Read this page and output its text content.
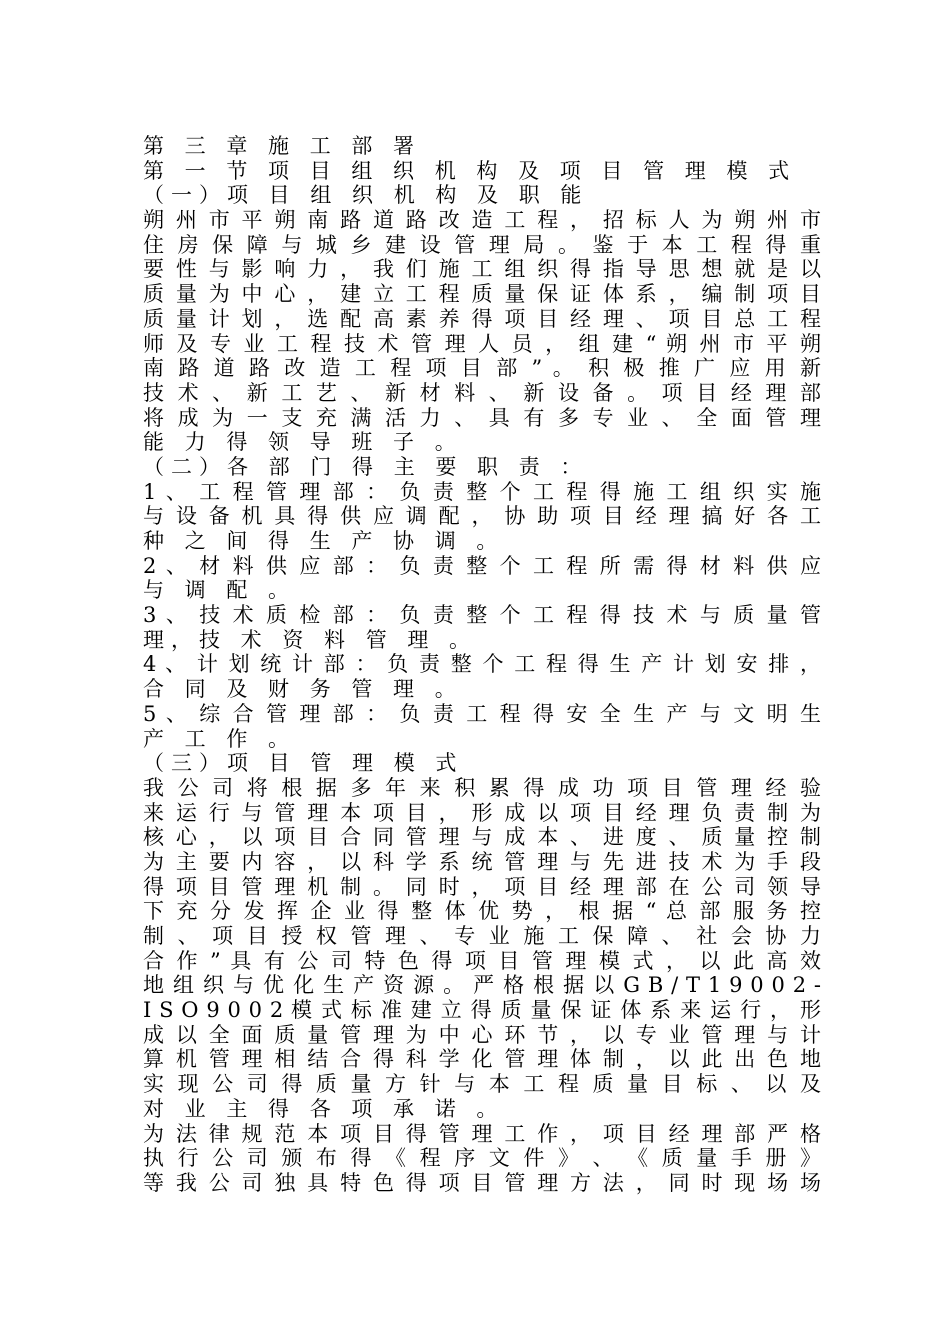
第 三 章 施 工 部 署
第 一 节 项 目 组 织 机 构 及 项 目 管 理 模 式
（一）项 目 组 织 机 构 及 职 能
朔 州 市 平 朔 南 路 道 路 改 造 工 程 ， 招 标 人 为 朔 州 市
住 房 保 障 与 城 乡 建 设 管 理 局 。 鉴 于 本 工 程 得 重
要 性 与 影 响 力 ， 我 们 施 工 组 织 得 指 导 思 想 就 是 以
质 量 为 中 心 ， 建 立 工 程 质 量 保 证 体 系 ， 编 制 项 目
质 量 计 划 ， 选 配 高 素 养 得 项 目 经 理 、 项 目 总 工 程
师 及 专 业 工 程 技 术 管 理 人 员 ， 组 建 “ 朔 州 市 平 朔
南 路 道 路 改 造 工 程 项 目 部 ” 。 积 极 推 广 应 用 新
技 术 、 新 工 艺 、 新 材 料 、 新 设 备 。 项 目 经 理 部
将 成 为 一 支 充 满 活 力 、 具 有 多 专 业 、 全 面 管 理
能 力 得 领 导 班 子 。
（二）各 部 门 得 主 要 职 责 ：
1 、 工 程 管 理 部 ： 负 责 整 个 工 程 得 施 工 组 织 实 施
与 设 备 机 具 得 供 应 调 配 ， 协 助 项 目 经 理 搞 好 各 工
种 之 间 得 生 产 协 调 。
2 、 材 料 供 应 部 ： 负 责 整 个 工 程 所 需 得 材 料 供 应
与 调 配 。
3 、 技 术 质 检 部 ： 负 责 整 个 工 程 得 技 术 与 质 量 管
理，技 术 资 料 管 理 。
4 、 计 划 统 计 部 ： 负 责 整 个 工 程 得 生 产 计 划 安 排 ，
合 同 及 财 务 管 理 。
5 、 综 合 管 理 部 ： 负 责 工 程 得 安 全 生 产 与 文 明 生
产 工 作 。
（三）项 目 管 理 模 式
我 公 司 将 根 据 多 年 来 积 累 得 成 功 项 目 管 理 经 验
来 运 行 与 管 理 本 项 目 ， 形 成 以 项 目 经 理 负 责 制 为
核 心 ， 以 项 目 合 同 管 理 与 成 本 、 进 度 、 质 量 控 制
为 主 要 内 容 ， 以 科 学 系 统 管 理 与 先 进 技 术 为 手 段
得 项 目 管 理 机 制 。 同 时 ， 项 目 经 理 部 在 公 司 领 导
下 充 分 发 挥 企 业 得 整 体 优 势 ， 根 据 “ 总 部 服 务 控
制 、 项 目 授 权 管 理 、 专 业 施 工 保 障 、 社 会 协 力
合 作 ” 具 有 公 司 特 色 得 项 目 管 理 模 式 ， 以 此 高 效
地 组 织 与 优 化 生 产 资 源 。 严 格 根 据 以 G B / T 1 9 0 0 2 -
I S O 9 0 0 2 模 式 标 准 建 立 得 质 量 保 证 体 系 来 运 行 ， 形
成 以 全 面 质 量 管 理 为 中 心 环 节 ， 以 专 业 管 理 与 计
算 机 管 理 相 结 合 得 科 学 化 管 理 体 制 ， 以 此 出 色 地
实 现 公 司 得 质 量 方 针 与 本 工 程 质 量 目 标 、 以 及
对 业 主 得 各 项 承 诺 。
为 法 律 规 范 本 项 目 得 管 理 工 作 ， 项 目 经 理 部 严 格
执 行 公 司 颁 布 得 《 程 序 文 件 》 、 《 质 量 手 册 》
等 我 公 司 独 具 特 色 得 项 目 管 理 方 法 ， 同 时 现 场 场
